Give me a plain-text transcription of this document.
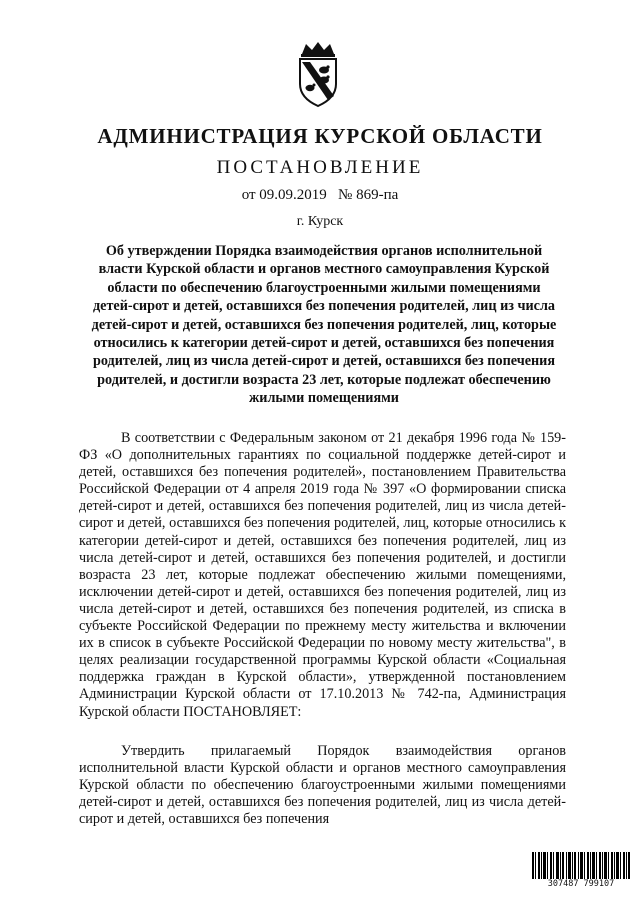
АДМИНИСТРАЦИЯ КУРСКОЙ ОБЛАСТИ
ПОСТАНОВЛЕНИЕ
от 09.09.2019 № 869-па
г. Курск
Об утверждении Порядка взаимодействия органов исполнительной власти Курской области и органов местного самоуправления Курской области по обеспечению благоустроенными жилыми помещениями детей-сирот и детей, оставшихся без попечения родителей, лиц из числа детей-сирот и детей, оставшихся без попечения родителей, лиц, которые относились к категории детей-сирот и детей, оставшихся без попечения родителей, лиц из числа детей-сирот и детей, оставшихся без попечения родителей, и достигли возраста 23 лет, которые подлежат обеспечению жилыми помещениями

В соответствии с Федеральным законом от 21 декабря 1996 года № 159-ФЗ «О дополнительных гарантиях по социальной поддержке детей-сирот и детей, оставшихся без попечения родителей», постановлением Правительства Российской Федерации от 4 апреля 2019 года № 397 «О формировании списка детей-сирот и детей, оставшихся без попечения родителей, лиц из числа детей-сирот и детей, оставшихся без попечения родителей, лиц, которые относились к категории детей-сирот и детей, оставшихся без попечения родителей, лиц из числа детей-сирот и детей, оставшихся без попечения родителей, и достигли возраста 23 лет, которые подлежат обеспечению жилыми помещениями, исключении детей-сирот и детей, оставшихся без попечения родителей, лиц из числа детей-сирот и детей, оставшихся без попечения родителей, из списка в субъекте Российской Федерации по прежнему месту жительства и включении их в список в субъекте Российской Федерации по новому месту жительства", в целях реализации государственной программы Курской области «Социальная поддержка граждан в Курской области», утвержденной постановлением Администрации Курской области от 17.10.2013 № 742-па, Администрация Курской области ПОСТАНОВЛЯЕТ:

Утвердить прилагаемый Порядок взаимодействия органов исполнительной власти Курской области и органов местного самоуправления Курской области по обеспечению благоустроенными жилыми помещениями детей-сирот и детей, оставшихся без попечения родителей, лиц из числа детей-сирот и детей, оставшихся без попечения

307487 799107
